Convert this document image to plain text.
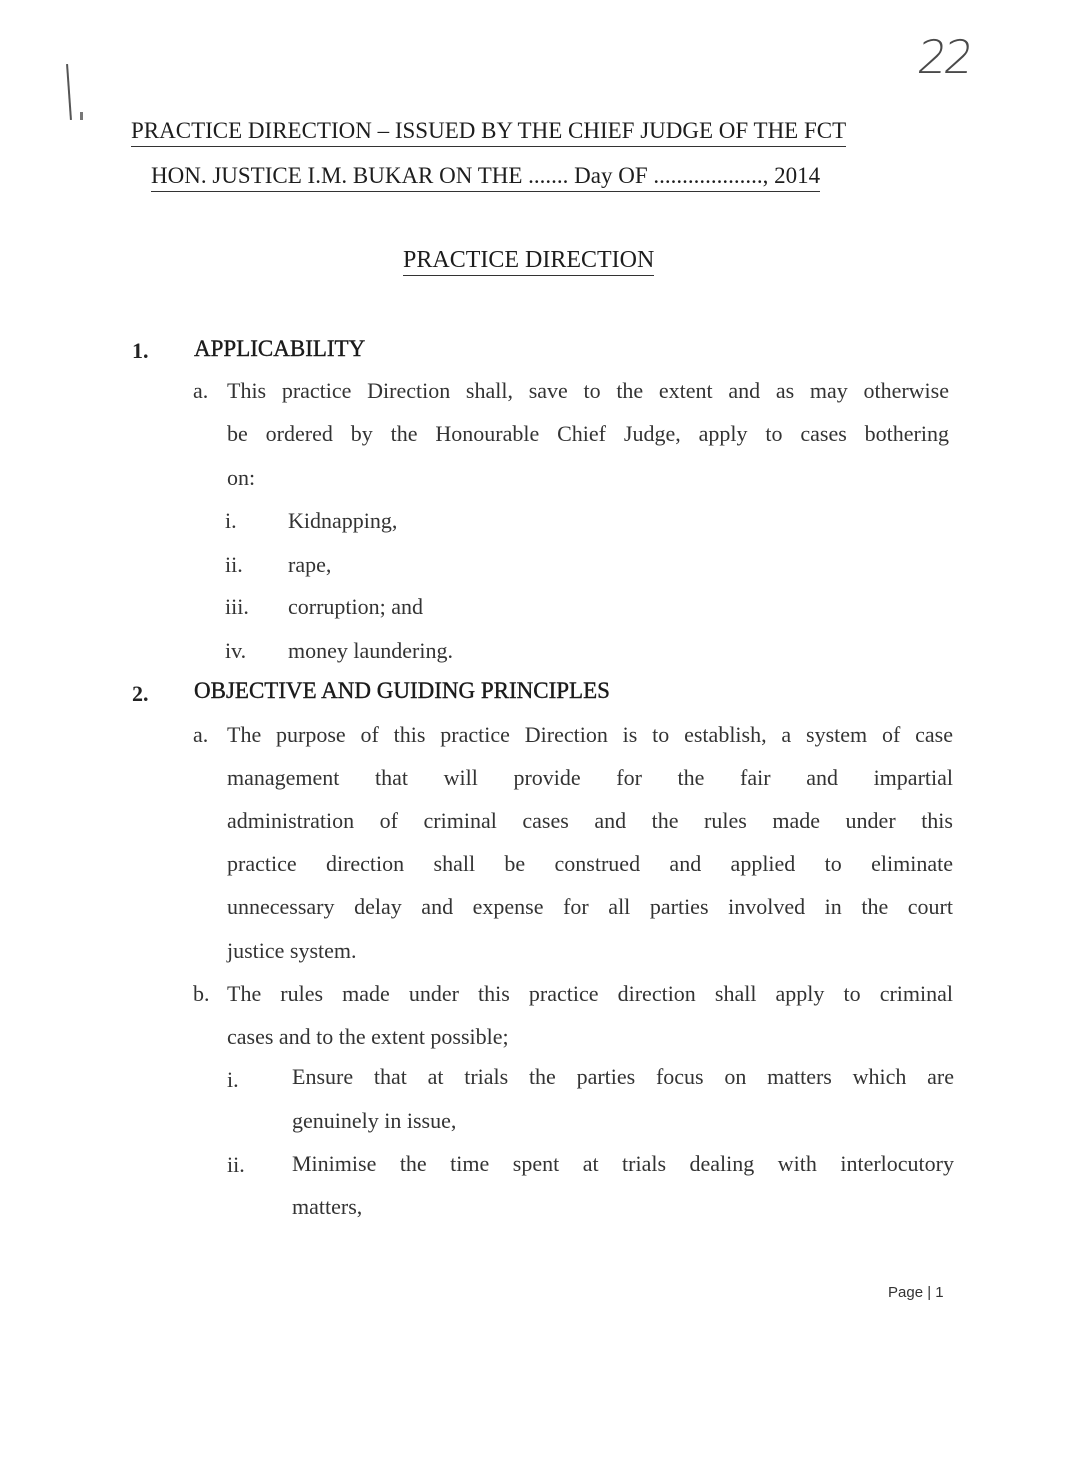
22
PRACTICE DIRECTION – ISSUED BY THE CHIEF JUDGE OF THE FCT
HON. JUSTICE I.M. BUKAR ON THE ....... Day OF ..................., 2014
PRACTICE DIRECTION
1. APPLICABILITY
a. This practice Direction shall, save to the extent and as may otherwise
be ordered by the Honourable Chief Judge, apply to cases bothering
on:
i. Kidnapping,
ii. rape,
iii. corruption; and
iv. money laundering.
2. OBJECTIVE AND GUIDING PRINCIPLES
a. The purpose of this practice Direction is to establish, a system of case
management that will provide for the fair and impartial
administration of criminal cases and the rules made under this
practice direction shall be construed and applied to eliminate
unnecessary delay and expense for all parties involved in the court
justice system.
b. The rules made under this practice direction shall apply to criminal
cases and to the extent possible;
i. Ensure that at trials the parties focus on matters which are
genuinely in issue,
ii. Minimise the time spent at trials dealing with interlocutory
matters,
Page | 1
